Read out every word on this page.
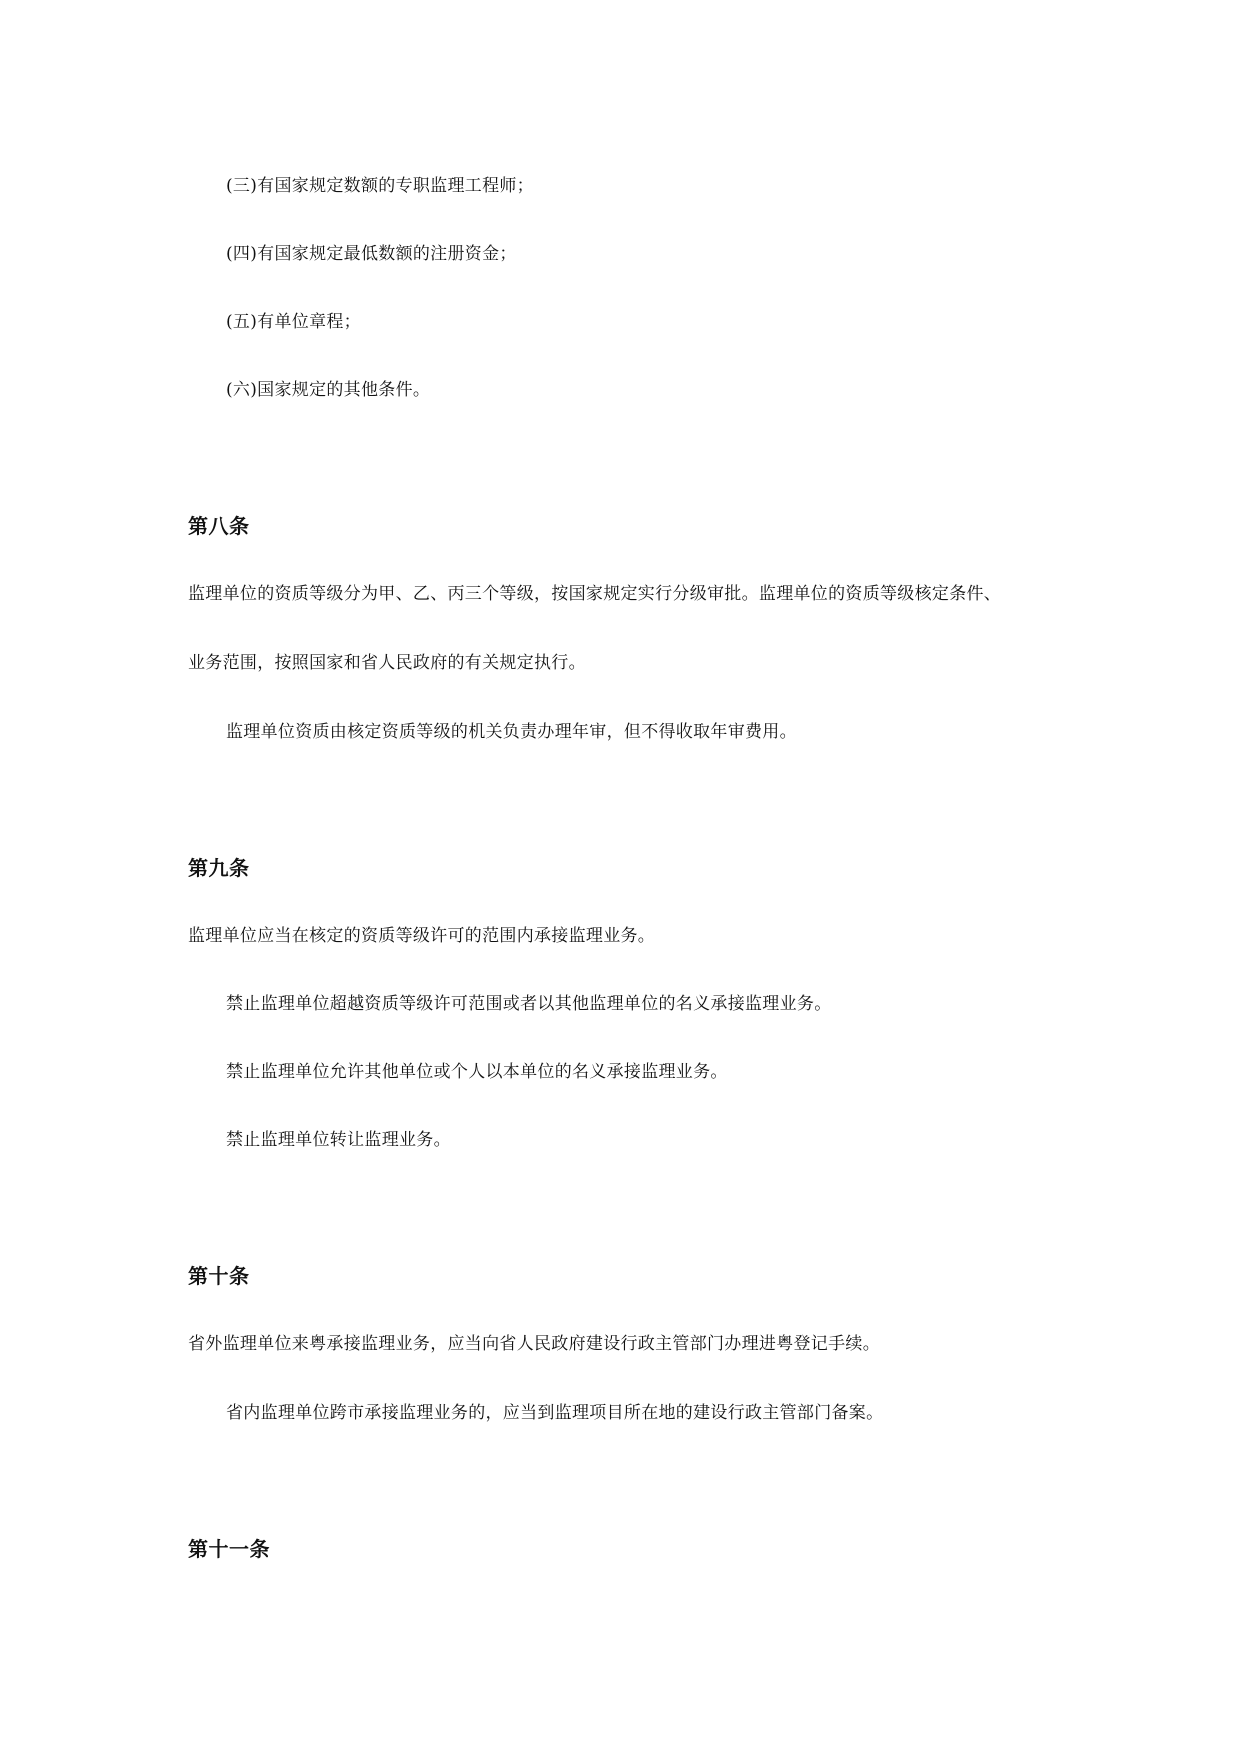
(三)有国家规定数额的专职监理工程师；
(四)有国家规定最低数额的注册资金；
(五)有单位章程；
(六)国家规定的其他条件。
第八条
监理单位的资质等级分为甲、乙、丙三个等级，按国家规定实行分级审批。监理单位的资质等级核定条件、
业务范围，按照国家和省人民政府的有关规定执行。
监理单位资质由核定资质等级的机关负责办理年审，但不得收取年审费用。
第九条
监理单位应当在核定的资质等级许可的范围内承接监理业务。
禁止监理单位超越资质等级许可范围或者以其他监理单位的名义承接监理业务。
禁止监理单位允许其他单位或个人以本单位的名义承接监理业务。
禁止监理单位转让监理业务。
第十条
省外监理单位来粤承接监理业务，应当向省人民政府建设行政主管部门办理进粤登记手续。
省内监理单位跨市承接监理业务的，应当到监理项目所在地的建设行政主管部门备案。
第十一条
